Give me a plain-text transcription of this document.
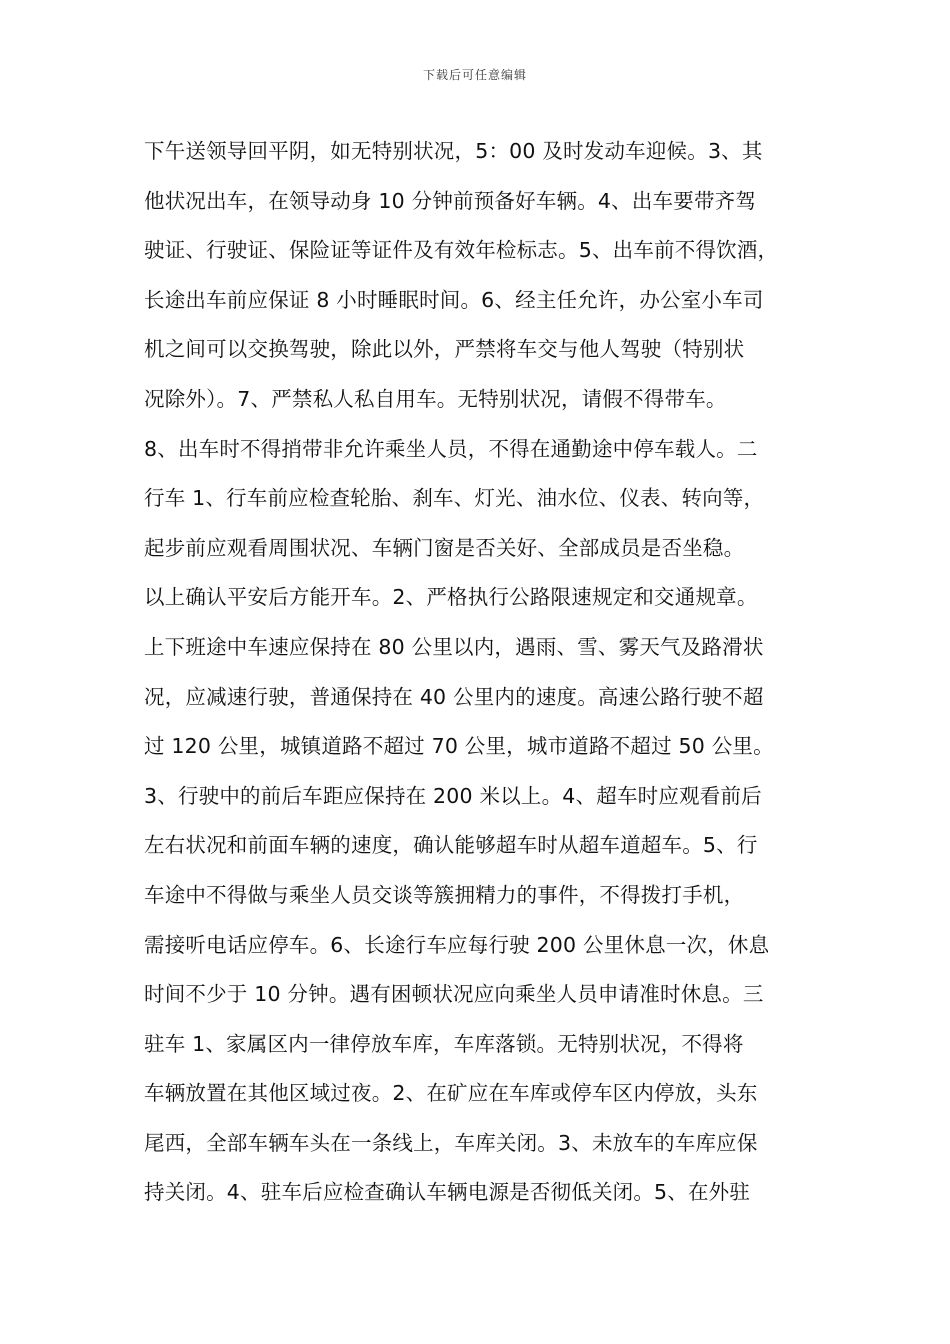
下载后可任意编辑
下午送领导回平阴，如无特别状况，5：00 及时发动车迎候。3、其
他状况出车，在领导动身 10 分钟前预备好车辆。4、出车要带齐驾
驶证、行驶证、保险证等证件及有效年检标志。5、出车前不得饮酒，
长途出车前应保证 8 小时睡眠时间。6、经主任允许，办公室小车司
机之间可以交换驾驶，除此以外，严禁将车交与他人驾驶（特别状
况除外）。7、严禁私人私自用车。无特别状况，请假不得带车。
8、出车时不得捎带非允许乘坐人员，不得在通勤途中停车载人。二
行车 1、行车前应检查轮胎、刹车、灯光、油水位、仪表、转向等，
起步前应观看周围状况、车辆门窗是否关好、全部成员是否坐稳。
以上确认平安后方能开车。2、严格执行公路限速规定和交通规章。
上下班途中车速应保持在 80 公里以内，遇雨、雪、雾天气及路滑状
况，应减速行驶，普通保持在 40 公里内的速度。高速公路行驶不超
过 120 公里，城镇道路不超过 70 公里，城市道路不超过 50 公里。
3、行驶中的前后车距应保持在 200 米以上。4、超车时应观看前后
左右状况和前面车辆的速度，确认能够超车时从超车道超车。5、行
车途中不得做与乘坐人员交谈等簇拥精力的事件，不得拨打手机，
需接听电话应停车。6、长途行车应每行驶 200 公里休息一次，休息
时间不少于 10 分钟。遇有困顿状况应向乘坐人员申请准时休息。三
驻车 1、家属区内一律停放车库，车库落锁。无特别状况，不得将
车辆放置在其他区域过夜。2、在矿应在车库或停车区内停放，头东
尾西，全部车辆车头在一条线上，车库关闭。3、未放车的车库应保
持关闭。4、驻车后应检查确认车辆电源是否彻低关闭。5、在外驻
